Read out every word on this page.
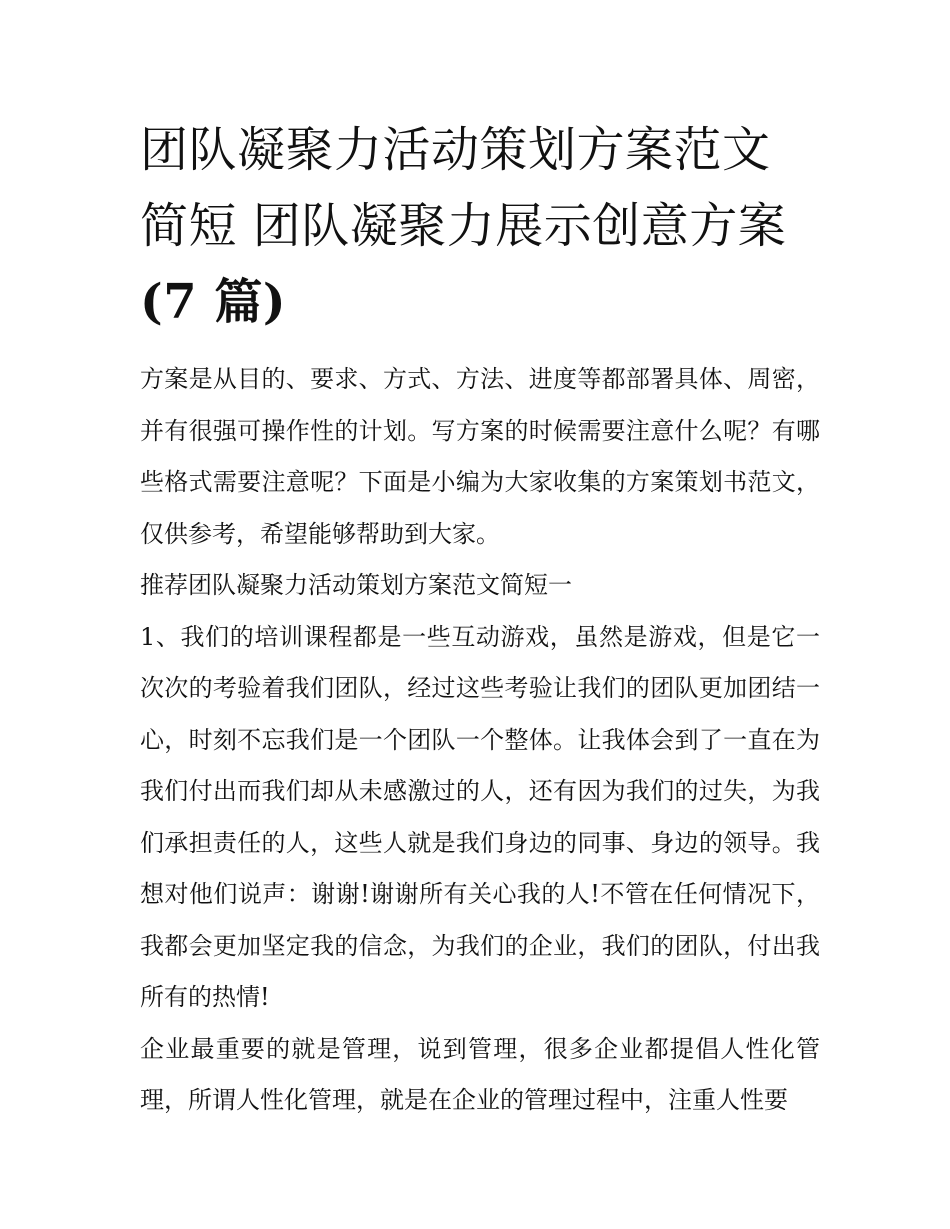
团队凝聚力活动策划方案范文
简短 团队凝聚力展示创意方案
(7 篇)

方案是从目的、要求、方式、方法、进度等都部署具体、周密，并有很强可操作性的计划。写方案的时候需要注意什么呢？有哪些格式需要注意呢？下面是小编为大家收集的方案策划书范文，仅供参考，希望能够帮助到大家。

推荐团队凝聚力活动策划方案范文简短一

1、我们的培训课程都是一些互动游戏，虽然是游戏，但是它一次次的考验着我们团队，经过这些考验让我们的团队更加团结一心，时刻不忘我们是一个团队一个整体。让我体会到了一直在为我们付出而我们却从未感激过的人，还有因为我们的过失，为我们承担责任的人，这些人就是我们身边的同事、身边的领导。我想对他们说声：谢谢!谢谢所有关心我的人!不管在任何情况下，我都会更加坚定我的信念，为我们的企业，我们的团队，付出我所有的热情!

企业最重要的就是管理，说到管理，很多企业都提倡人性化管理，所谓人性化管理，就是在企业的管理过程中，注重人性要
